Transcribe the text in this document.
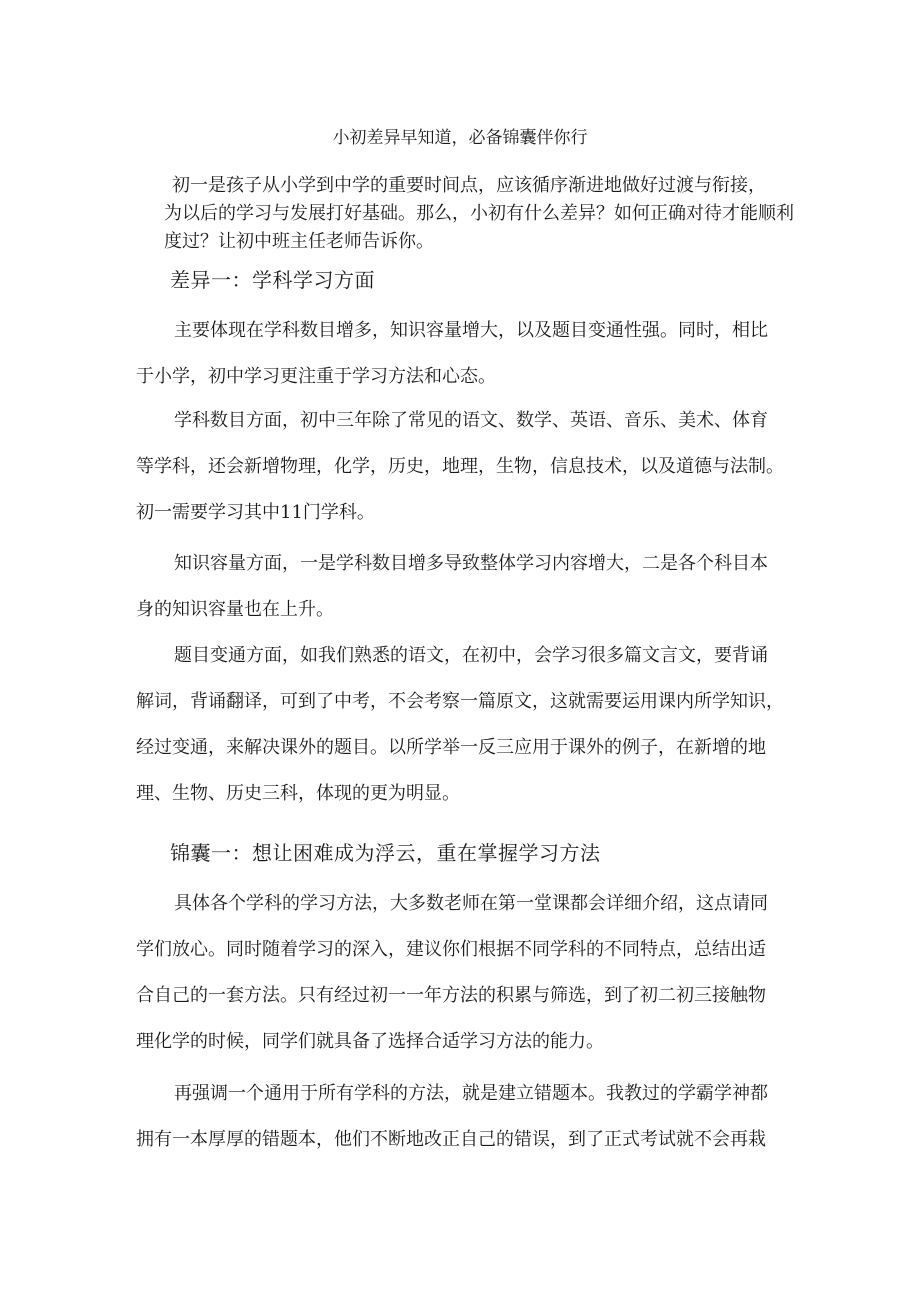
小初差异早知道，必备锦囊伴你行

初一是孩子从小学到中学的重要时间点，应该循序渐进地做好过渡与衔接，
为以后的学习与发展打好基础。那么，小初有什么差异？如何正确对待才能顺利
度过？让初中班主任老师告诉你。

差异一：学科学习方面

主要体现在学科数目增多，知识容量增大，以及题目变通性强。同时，相比
于小学，初中学习更注重于学习方法和心态。

学科数目方面，初中三年除了常见的语文、数学、英语、音乐、美术、体育
等学科，还会新增物理，化学，历史，地理，生物，信息技术，以及道德与法制。
初一需要学习其中11门学科。

知识容量方面，一是学科数目增多导致整体学习内容增大，二是各个科目本
身的知识容量也在上升。

题目变通方面，如我们熟悉的语文，在初中，会学习很多篇文言文，要背诵
解词，背诵翻译，可到了中考，不会考察一篇原文，这就需要运用课内所学知识，
经过变通，来解决课外的题目。以所学举一反三应用于课外的例子，在新增的地
理、生物、历史三科，体现的更为明显。

锦囊一：想让困难成为浮云，重在掌握学习方法

具体各个学科的学习方法，大多数老师在第一堂课都会详细介绍，这点请同
学们放心。同时随着学习的深入，建议你们根据不同学科的不同特点，总结出适
合自己的一套方法。只有经过初一一年方法的积累与筛选，到了初二初三接触物
理化学的时候，同学们就具备了选择合适学习方法的能力。

再强调一个通用于所有学科的方法，就是建立错题本。我教过的学霸学神都
拥有一本厚厚的错题本，他们不断地改正自己的错误，到了正式考试就不会再栽
